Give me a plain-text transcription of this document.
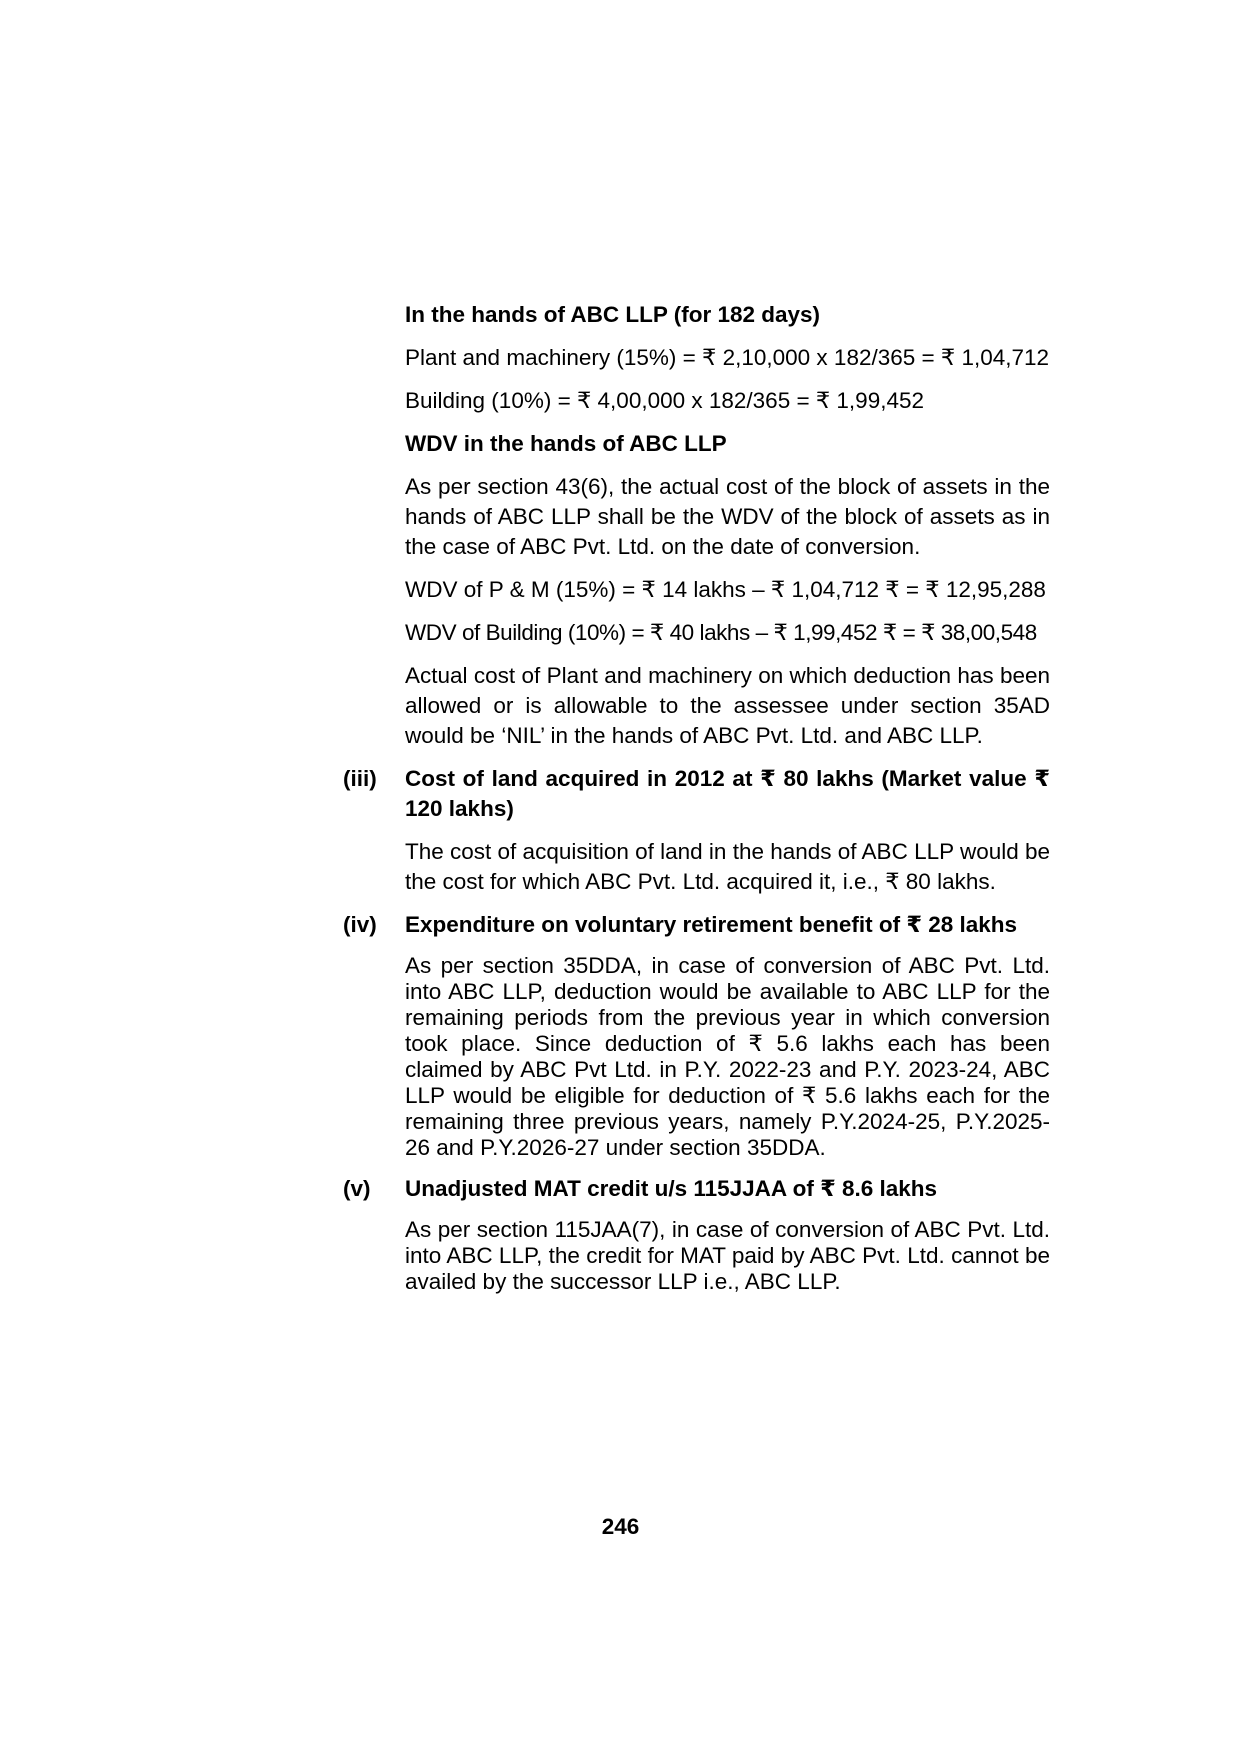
In the hands of ABC LLP (for 182 days)

Plant and machinery (15%) = ₹ 2,10,000 x 182/365 = ₹ 1,04,712

Building (10%) = ₹ 4,00,000 x 182/365 = ₹ 1,99,452

WDV in the hands of ABC LLP

As per section 43(6), the actual cost of the block of assets in the hands of ABC LLP shall be the WDV of the block of assets as in the case of ABC Pvt. Ltd. on the date of conversion.

WDV of P & M (15%) = ₹ 14 lakhs – ₹ 1,04,712 ₹ = ₹ 12,95,288

WDV of Building (10%) = ₹ 40 lakhs – ₹ 1,99,452 ₹ = ₹ 38,00,548

Actual cost of Plant and machinery on which deduction has been allowed or is allowable to the assessee under section 35AD would be ‘NIL’ in the hands of ABC Pvt. Ltd. and ABC LLP.

(iii) Cost of land acquired in 2012 at ₹ 80 lakhs (Market value ₹ 120 lakhs)

The cost of acquisition of land in the hands of ABC LLP would be the cost for which ABC Pvt. Ltd. acquired it, i.e., ₹ 80 lakhs.

(iv) Expenditure on voluntary retirement benefit of ₹ 28 lakhs

As per section 35DDA, in case of conversion of ABC Pvt. Ltd. into ABC LLP, deduction would be available to ABC LLP for the remaining periods from the previous year in which conversion took place. Since deduction of ₹ 5.6 lakhs each has been claimed by ABC Pvt Ltd. in P.Y. 2022-23 and P.Y. 2023-24, ABC LLP would be eligible for deduction of ₹ 5.6 lakhs each for the remaining three previous years, namely P.Y.2024-25, P.Y.2025-26 and P.Y.2026-27 under section 35DDA.

(v) Unadjusted MAT credit u/s 115JJAA of ₹ 8.6 lakhs

As per section 115JAA(7), in case of conversion of ABC Pvt. Ltd. into ABC LLP, the credit for MAT paid by ABC Pvt. Ltd. cannot be availed by the successor LLP i.e., ABC LLP.

246
